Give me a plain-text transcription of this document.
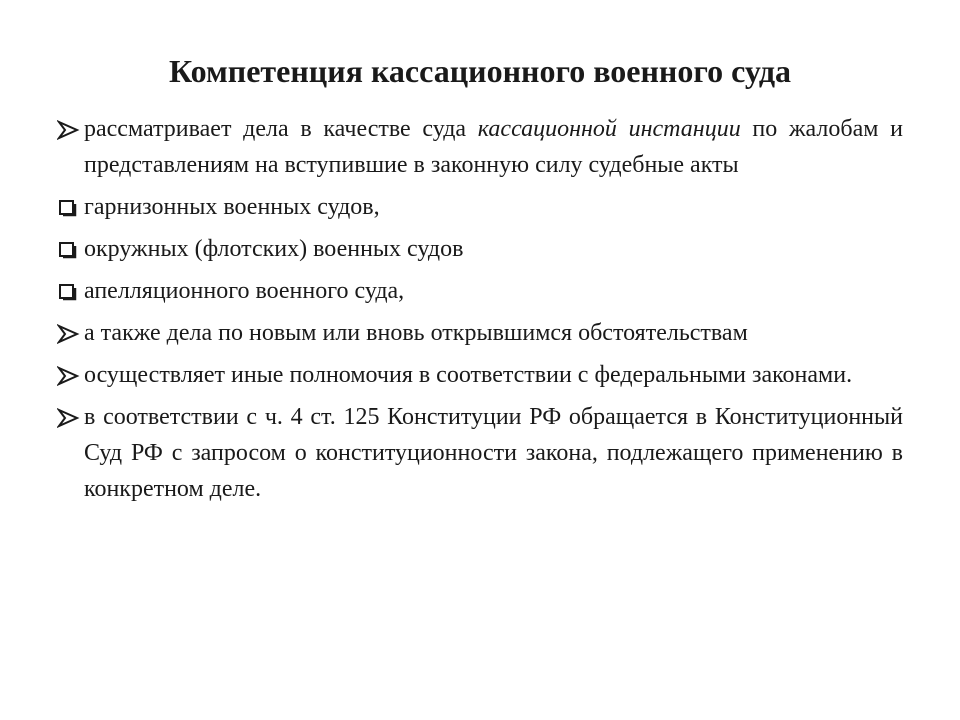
Компетенция кассационного военного суда
рассматривает дела в качестве суда кассационной инстанции по жалобам и представлениям на вступившие в законную силу судебные акты
гарнизонных военных судов,
окружных (флотских) военных судов
апелляционного военного суда,
а также дела по новым или вновь открывшимся обстоятельствам
осуществляет иные полномочия в соответствии с федеральными законами.
в соответствии с ч. 4 ст. 125 Конституции РФ обращается в Конституционный Суд РФ с запросом о конституционности закона, подлежащего применению в конкретном деле.
